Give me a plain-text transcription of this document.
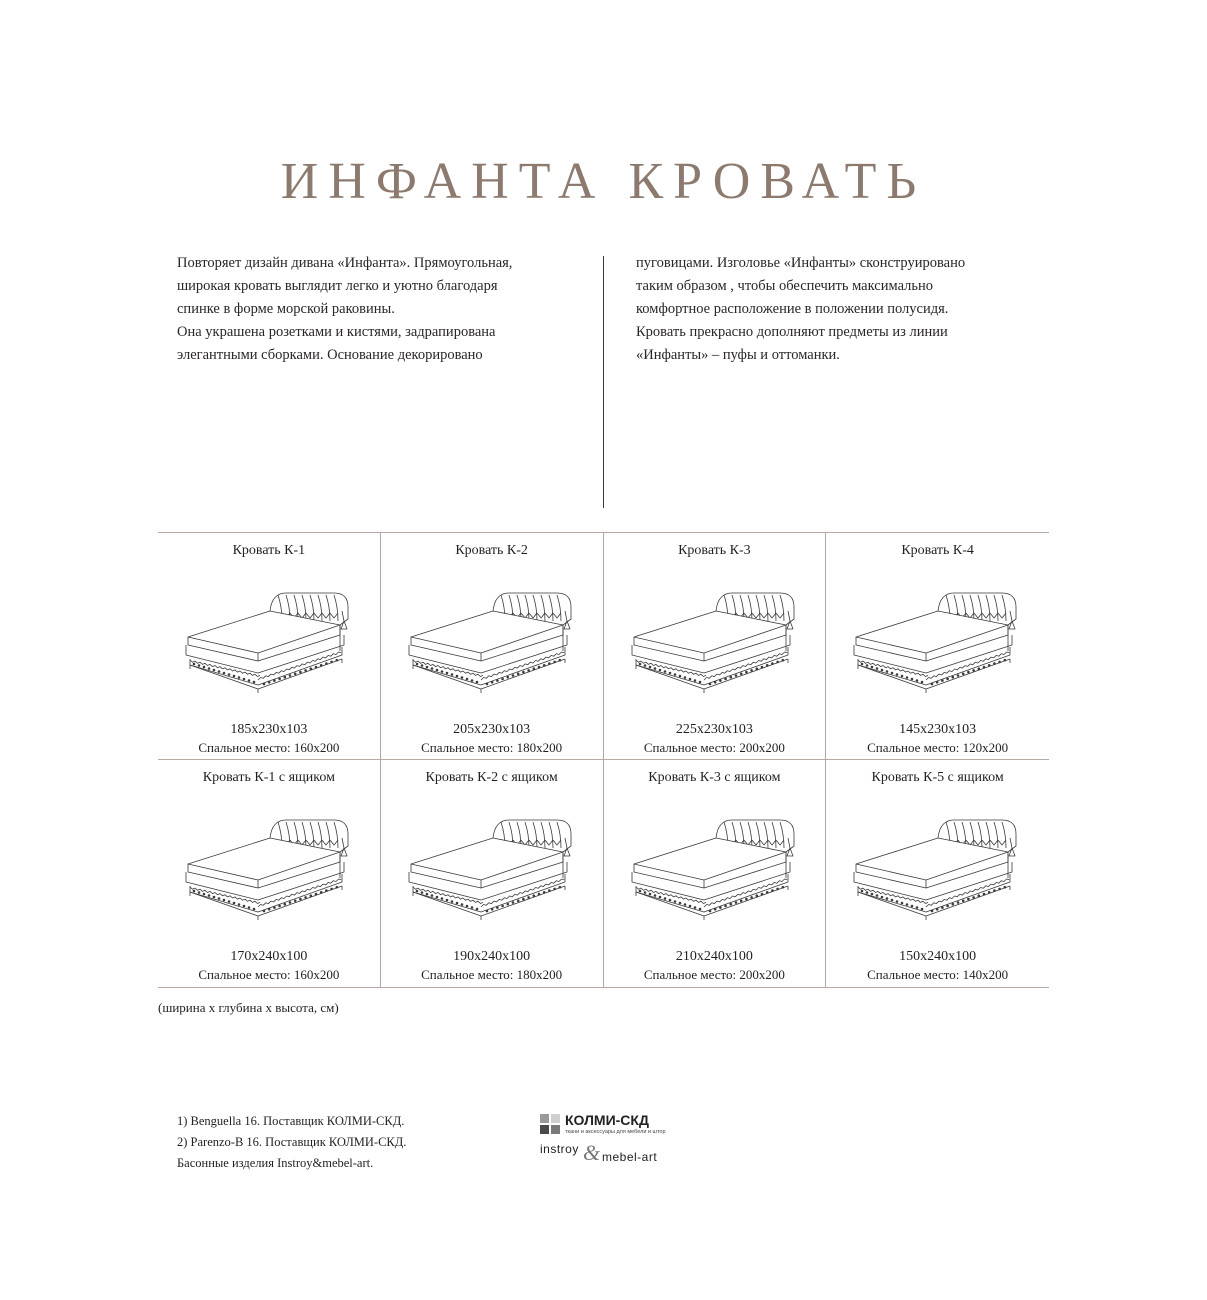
ИНФАНТА КРОВАТЬ

Повторяет дизайн дивана «Инфанта». Прямоугольная,

широкая кровать выглядит легко и уютно благодаря

спинке в форме морской раковины.

Она украшена розетками и кистями, задрапирована

элегантными сборками. Основание декорировано

пуговицами. Изголовье «Инфанты» сконструировано

таким образом , чтобы обеспечить максимально

комфортное расположение в положении полусидя.

Кровать прекрасно дополняют предметы из линии

«Инфанты» – пуфы и оттоманки.

Кровать К-1
185x230x103
Спальное место: 160x200
Кровать К-2
205x230x103
Спальное место: 180x200
Кровать К-3
225x230x103
Спальное место: 200x200
Кровать К-4
145x230x103
Спальное место: 120x200
Кровать К-1 с ящиком
170x240x100
Спальное место: 160x200
Кровать К-2 с ящиком
190x240x100
Спальное место: 180x200
Кровать К-3 с ящиком
210x240x100
Спальное место: 200x200
Кровать К-5 с ящиком
150x240x100
Спальное место: 140x200
(ширина x глубина x высота, см)
1) Benguella 16. Поставщик КОЛМИ-СКД.
2) Parenzo-B 16. Поставщик КОЛМИ-СКД.
Басонные изделия Instroy&mebel-art.
КОЛМИ-СКД
ткани и аксессуары для мебели и штор
instroy & mebel-art
